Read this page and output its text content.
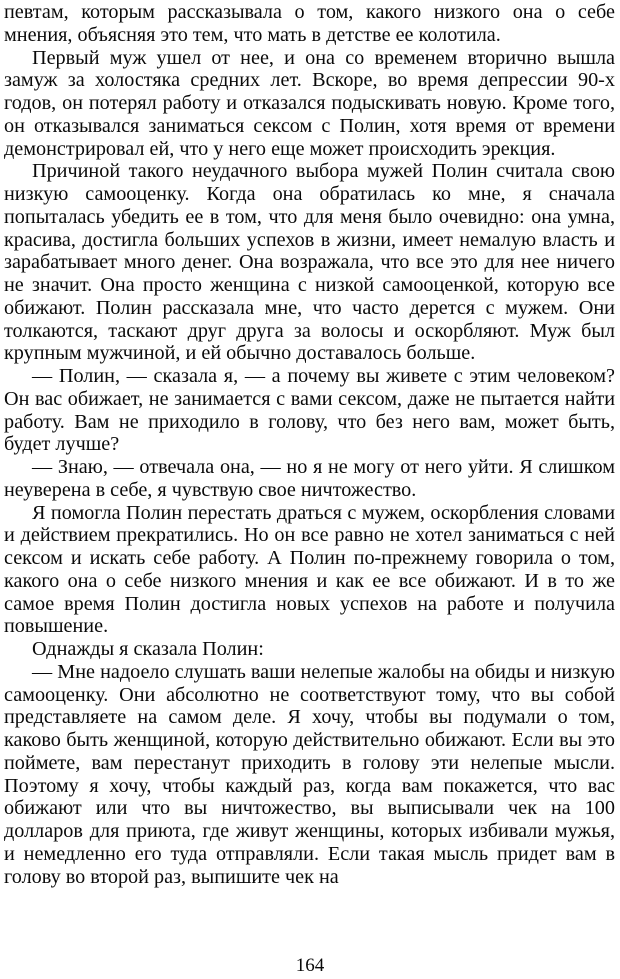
певтам, которым рассказывала о том, какого низкого она о себе мнения, объясняя это тем, что мать в детстве ее колотила.

Первый муж ушел от нее, и она со временем вторично вышла замуж за холостяка средних лет. Вскоре, во время депрессии 90-х годов, он потерял работу и отказался подыскивать новую. Кроме того, он отказывался заниматься сексом с Полин, хотя время от времени демонстрировал ей, что у него еще может происходить эрекция.

Причиной такого неудачного выбора мужей Полин считала свою низкую самооценку. Когда она обратилась ко мне, я сначала попыталась убедить ее в том, что для меня было очевидно: она умна, красива, достигла больших успехов в жизни, имеет немалую власть и зарабатывает много денег. Она возражала, что все это для нее ничего не значит. Она просто женщина с низкой самооценкой, которую все обижают. Полин рассказала мне, что часто дерется с мужем. Они толкаются, таскают друг друга за волосы и оскорбляют. Муж был крупным мужчиной, и ей обычно доставалось больше.

— Полин, — сказала я, — а почему вы живете с этим человеком? Он вас обижает, не занимается с вами сексом, даже не пытается найти работу. Вам не приходило в голову, что без него вам, может быть, будет лучше?

— Знаю, — отвечала она, — но я не могу от него уйти. Я слишком неуверена в себе, я чувствую свое ничтожество.

Я помогла Полин перестать драться с мужем, оскорбления словами и действием прекратились. Но он все равно не хотел заниматься с ней сексом и искать себе работу. А Полин по-прежнему говорила о том, какого она о себе низкого мнения и как ее все обижают. И в то же самое время Полин достигла новых успехов на работе и получила повышение.

Однажды я сказала Полин:

— Мне надоело слушать ваши нелепые жалобы на обиды и низкую самооценку. Они абсолютно не соответствуют тому, что вы собой представляете на самом деле. Я хочу, чтобы вы подумали о том, каково быть женщиной, которую действительно обижают. Если вы это поймете, вам перестанут приходить в голову эти нелепые мысли. Поэтому я хочу, чтобы каждый раз, когда вам покажется, что вас обижают или что вы ничтожество, вы выписывали чек на 100 долларов для приюта, где живут женщины, которых избивали мужья, и немедленно его туда отправляли. Если такая мысль придет вам в голову во второй раз, выпишите чек на

164
